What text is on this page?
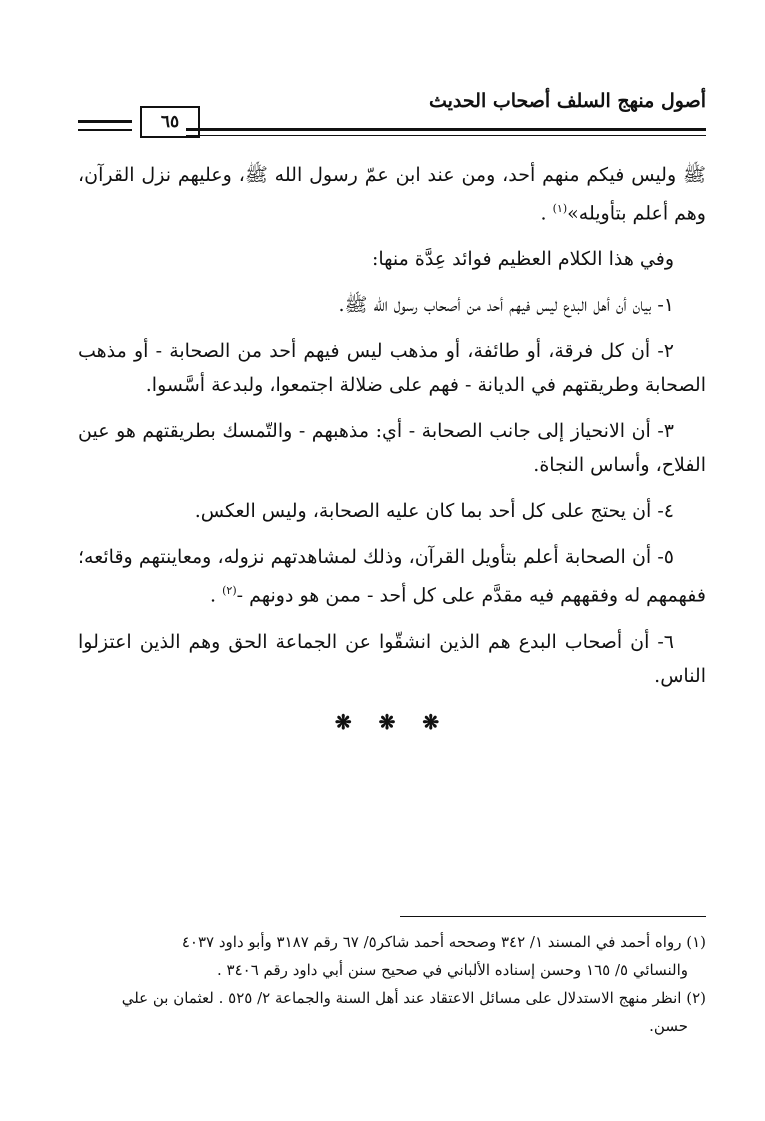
أصول منهج السلف أصحاب الحديث
٦٥

ﷺ وليس فيكم منهم أحد، ومن عند ابن عمّ رسول الله ﷺ، وعليهم نزل القرآن، وهم أعلم بتأويله»$^{(١)}$ .

وفي هذا الكلام العظيم فوائد عِدَّة منها:

١- بيان أن أهل البدع ليس فيهم أحد من أصحاب رسول الله ﷺ.

٢- أن كل فرقة، أو طائفة، أو مذهب ليس فيهم أحد من الصحابة - أو مذهب الصحابة وطريقتهم في الديانة - فهم على ضلالة اجتمعوا، ولبدعة أسَّسوا.

٣- أن الانحياز إلى جانب الصحابة - أي: مذهبهم - والتّمسك بطريقتهم هو عين الفلاح، وأساس النجاة.

٤- أن يحتج على كل أحد بما كان عليه الصحابة، وليس العكس.

٥- أن الصحابة أعلم بتأويل القرآن، وذلك لمشاهدتهم نزوله، ومعاينتهم وقائعه؛ ففهمهم له وفقههم فيه مقدَّم على كل أحد - ممن هو دونهم -$^{(٢)}$ .

٦- أن أصحاب البدع هم الذين انشقّوا عن الجماعة الحق وهم الذين اعتزلوا الناس.

❋ ❋ ❋

(١) رواه أحمد في المسند ١/ ٣٤٢ وصححه أحمد شاكر٥/ ٦٧ رقم ٣١٨٧ وأبو داود ٤٠٣٧

والنسائي ٥/ ١٦٥ وحسن إسناده الألباني في صحيح سنن أبي داود رقم ٣٤٠٦ .

(٢) انظر منهج الاستدلال على مسائل الاعتقاد عند أهل السنة والجماعة ٢/ ٥٢٥ . لعثمان بن علي

حسن.
